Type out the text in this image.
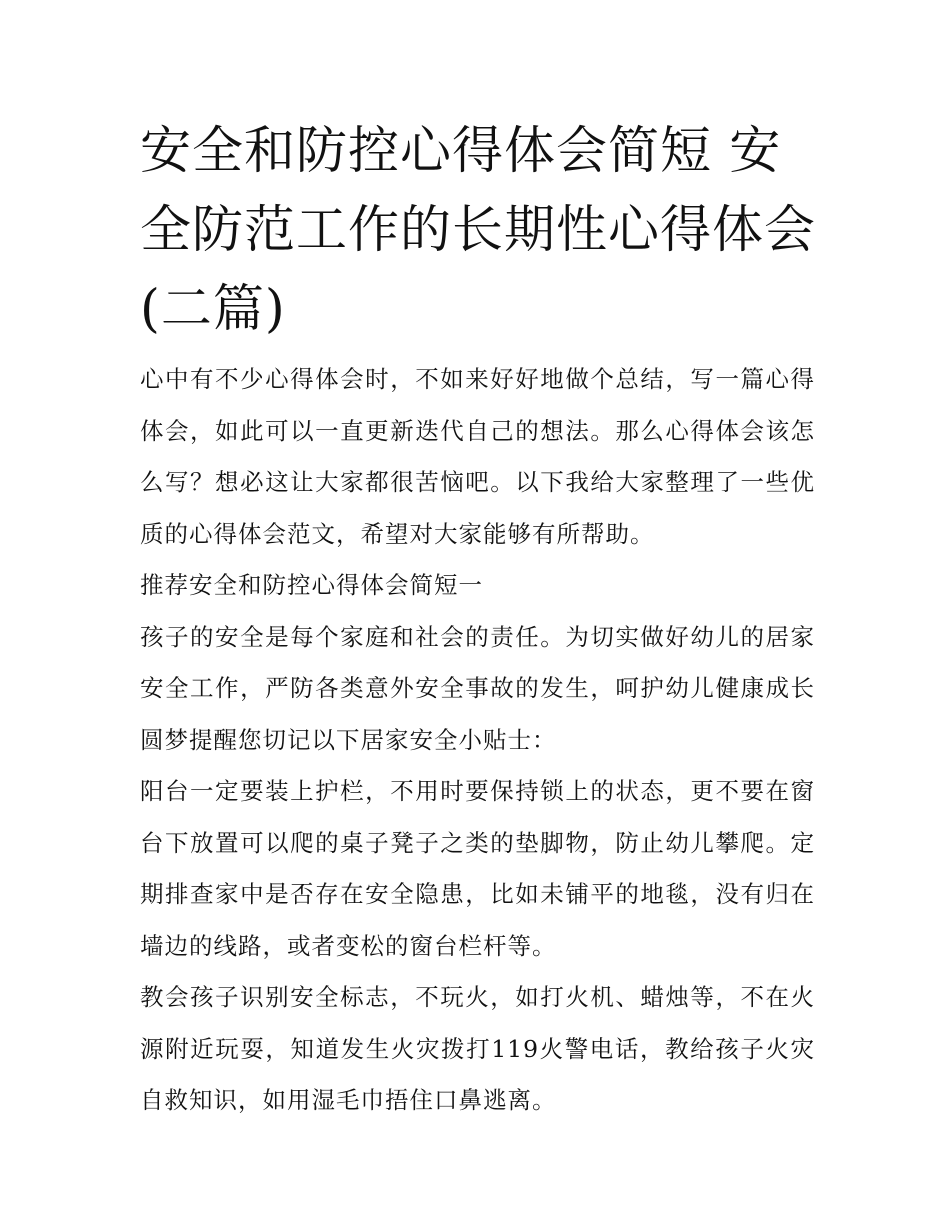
安全和防控心得体会简短 安全防范工作的长期性心得体会(二篇)

心中有不少心得体会时，不如来好好地做个总结，写一篇心得体会，如此可以一直更新迭代自己的想法。那么心得体会该怎么写？想必这让大家都很苦恼吧。以下我给大家整理了一些优质的心得体会范文，希望对大家能够有所帮助。

推荐安全和防控心得体会简短一

孩子的安全是每个家庭和社会的责任。为切实做好幼儿的居家安全工作，严防各类意外安全事故的发生，呵护幼儿健康成长圆梦提醒您切记以下居家安全小贴士：

阳台一定要装上护栏，不用时要保持锁上的状态，更不要在窗台下放置可以爬的桌子凳子之类的垫脚物，防止幼儿攀爬。定期排查家中是否存在安全隐患，比如未铺平的地毯，没有归在墙边的线路，或者变松的窗台栏杆等。

教会孩子识别安全标志，不玩火，如打火机、蜡烛等，不在火源附近玩耍，知道发生火灾拨打119火警电话，教给孩子火灾自救知识，如用湿毛巾捂住口鼻逃离。
